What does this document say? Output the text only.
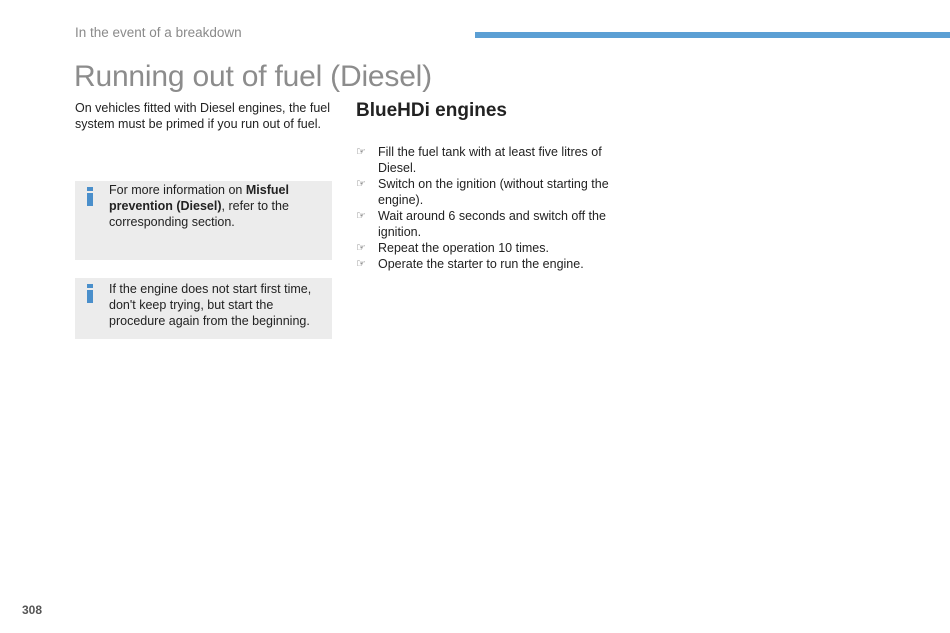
In the event of a breakdown
Running out of fuel (Diesel)
On vehicles fitted with Diesel engines, the fuel system must be primed if you run out of fuel.
For more information on Misfuel prevention (Diesel), refer to the corresponding section.
If the engine does not start first time, don't keep trying, but start the procedure again from the beginning.
BlueHDi engines
☞ Fill the fuel tank with at least five litres of Diesel.
☞ Switch on the ignition (without starting the engine).
☞ Wait around 6 seconds and switch off the ignition.
☞ Repeat the operation 10 times.
☞ Operate the starter to run the engine.
308
